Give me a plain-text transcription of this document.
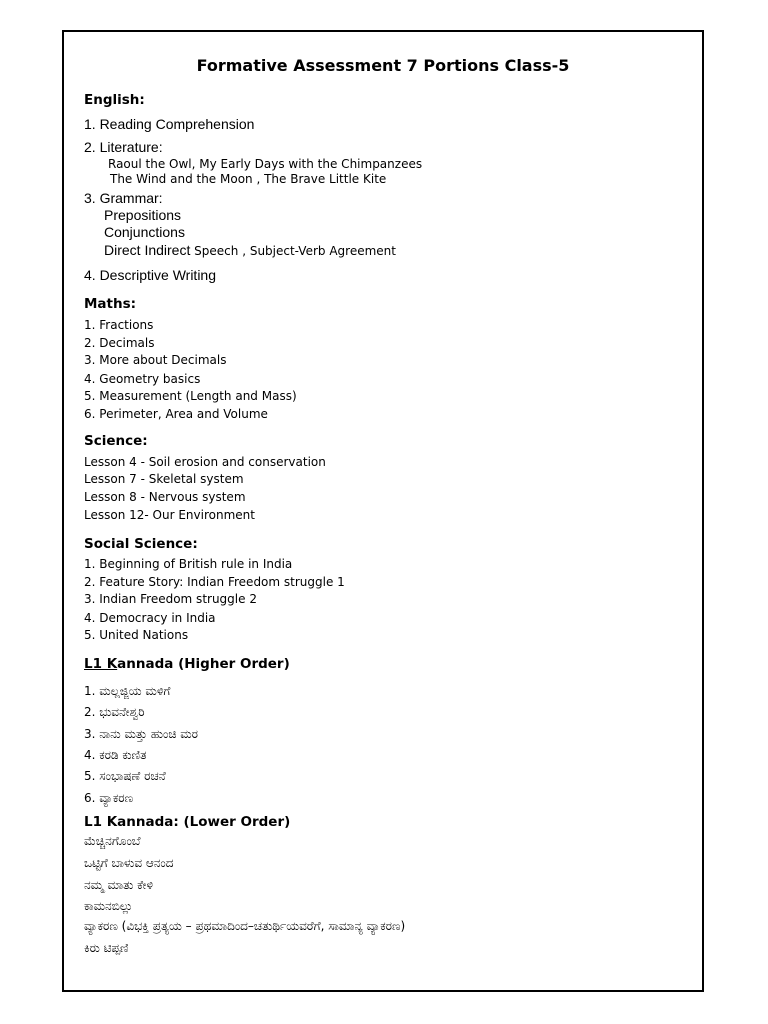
Formative Assessment 7 Portions Class-5
English:
1. Reading Comprehension
2. Literature:
Raoul the Owl, My Early Days with the Chimpanzees
The Wind and the Moon , The Brave Little Kite
3. Grammar:
Prepositions
Conjunctions
Direct Indirect Speech , Subject-Verb Agreement
4. Descriptive Writing
Maths:
1. Fractions
2. Decimals
3. More about Decimals
4. Geometry basics
5. Measurement (Length and Mass)
6. Perimeter, Area and Volume
Science:
Lesson 4 - Soil erosion and conservation
Lesson 7 - Skeletal system
Lesson 8 - Nervous system
Lesson 12- Our Environment
Social Science:
1. Beginning of British rule in India
2. Feature Story: Indian Freedom struggle 1
3. Indian Freedom struggle 2
4. Democracy in India
5. United Nations
L1 Kannada (Higher Order)
1. ಮಲ್ಲಜ್ಜಿಯ ಮಳಿಗೆ
2. ಭುವನೇಶ್ವರಿ
3. ನಾನು ಮತ್ತು ಹುಂಚಿ ಮರ
4. ಕರಡಿ ಕುಣಿತ
5. ಸಂಭಾಷಣೆ ರಚನೆ
6. ವ್ಯಾಕರಣ
L1 Kannada: (Lower Order)
ಮೆಚ್ಚಿನಗೊಂಬೆ
ಒಟ್ಟಿಗೆ ಬಾಳುವ ಆನಂದ
ನಮ್ಮ ಮಾತು ಕೇಳಿ
ಕಾಮನಬಿಲ್ಲು
ವ್ಯಾಕರಣ (ವಿಭಕ್ತಿ ಪ್ರತ್ಯಯ – ಪ್ರಥಮಾದಿಂದ–ಚತುರ್ಥಿಯವರೆಗೆ, ಸಾಮಾನ್ಯ ವ್ಯಾಕರಣ)
ಕಿರು ಟಿಪ್ಪಣಿ
